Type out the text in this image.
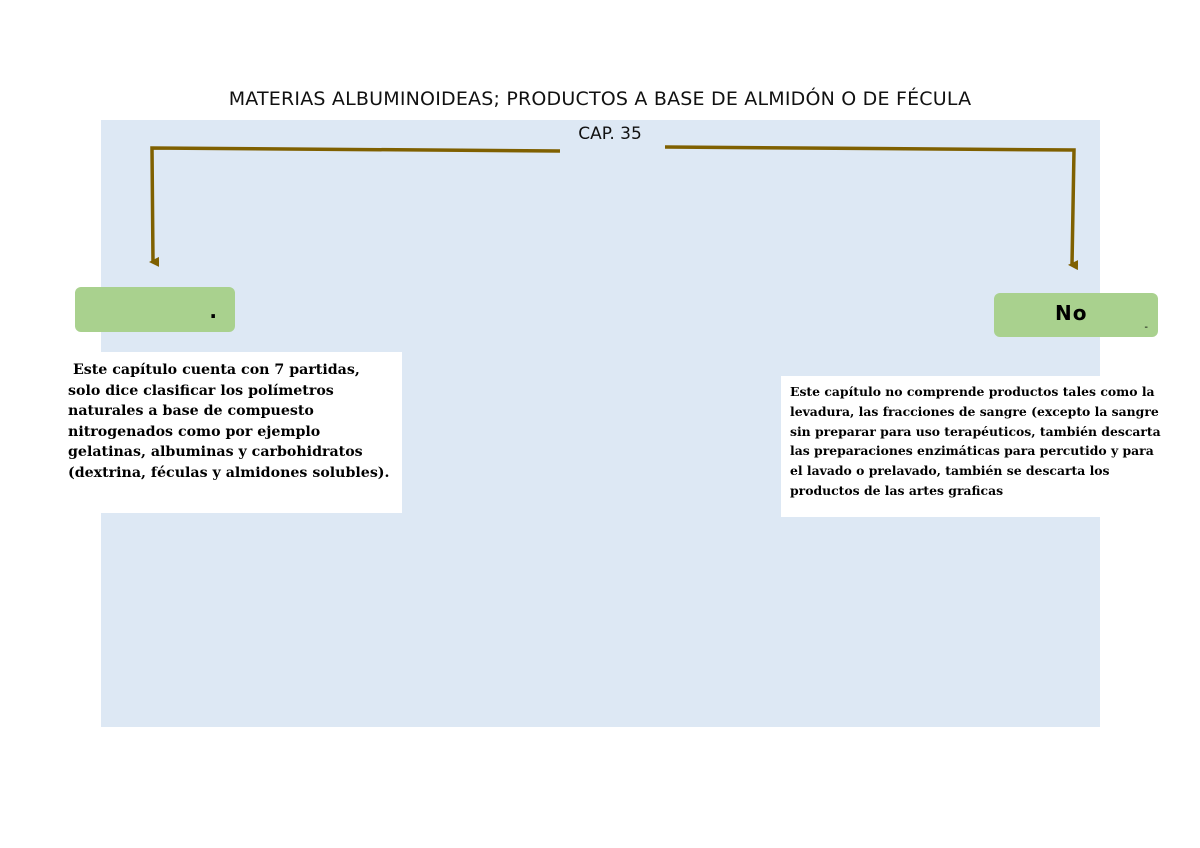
MATERIAS ALBUMINOIDEAS; PRODUCTOS A BASE DE ALMIDÓN O DE FÉCULA
CAP. 35
.	No
-
Este capítulo cuenta con 7 partidas, solo dice clasificar los polímetros naturales a base de compuesto nitrogenados como por ejemplo gelatinas, albuminas y carbohidratos (dextrina, féculas y almidones solubles).
Este capítulo no comprende productos tales como la levadura, las fracciones de sangre (excepto la sangre sin preparar para uso terapéuticos, también descarta las preparaciones enzimáticas para percutido y para   el lavado o prelavado, también se descarta los productos de las artes graficas
